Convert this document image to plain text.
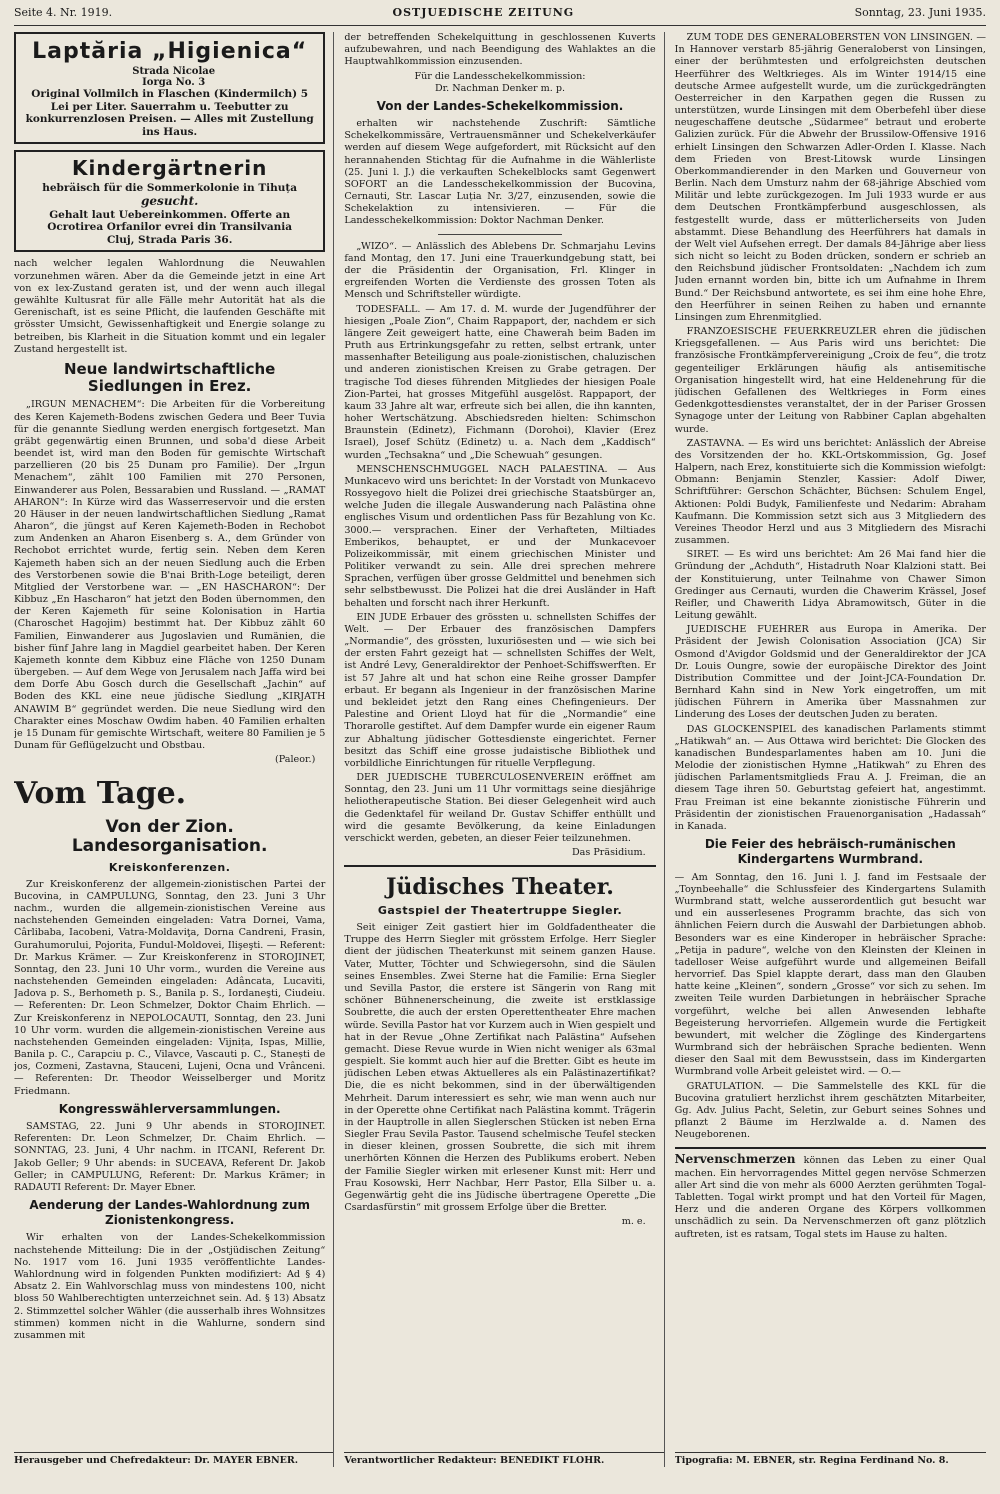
Seite 4. Nr. 1919.	OSTJUEDISCHE ZEITUNG	Sonntag, 23. Juni 1935.
Laptăria „Higienica“ Strada Nicolae
Iorga No. 3
Original Vollmilch in Flaschen (Kindermilch) 5 Lei per Liter. Sauerrahm u. Teebutter zu konkurrenzlosen Preisen. — Alles mit Zustellung ins Haus.
Kindergärtnerin
hebräisch für die Sommerkolonie in Tihuța
gesucht.
Gehalt laut Uebereinkommen. Offerte an Ocrotirea Orfanilor evrei din Transilvania
Cluj, Strada Paris 36.

nach welcher legalen Wahlordnung die Neuwahlen vorzunehmen wären. Aber da die Gemeinde jetzt in eine Art von ex lex-Zustand geraten ist, und der wenn auch illegal gewählte Kultusrat für alle Fälle mehr Autorität hat als die Gerenischaft, ist es seine Pflicht, die laufenden Geschäfte mit grösster Umsicht, Gewissenhaftigkeit und Energie solange zu betreiben, bis Klarheit in die Situation kommt und ein legaler Zustand hergestellt ist.

Neue landwirtschaftliche Siedlungen in Erez.

„IRGUN MENACHEM“: Die Arbeiten für die Vorbereitung des Keren Kajemeth-Bodens zwischen Gedera und Beer Tuvia für die genannte Siedlung werden energisch fortgesetzt. Man gräbt gegenwärtig einen Brunnen, und soba'd diese Arbeit beendet ist, wird man den Boden für gemischte Wirtschaft parzellieren (20 bis 25 Dunam pro Familie). Der „Irgun Menachem“, zählt 100 Familien mit 270 Personen, Einwanderer aus Polen, Bessarabien und Russland. — „RAMAT AHARON“: In Kürze wird das Wasserreservoir und die ersten 20 Häuser in der neuen landwirtschaftlichen Siedlung „Ramat Aharon“, die jüngst auf Keren Kajemeth-Boden in Rechobot zum Andenken an Aharon Eisenberg s. A., dem Gründer von Rechobot errichtet wurde, fertig sein. Neben dem Keren Kajemeth haben sich an der neuen Siedlung auch die Erben des Verstorbenen sowie die B'nai Brith-Loge beteiligt, deren Mitglied der Verstorbene war. — „EN HASCHARON“: Der Kibbuz „En Hascharon“ hat jetzt den Boden übernommen, den der Keren Kajemeth für seine Kolonisation in Hartia (Charoschet Hagojim) bestimmt hat. Der Kibbuz zählt 60 Familien, Einwanderer aus Jugoslavien und Rumänien, die bisher fünf Jahre lang in Magdiel gearbeitet haben. Der Keren Kajemeth konnte dem Kibbuz eine Fläche von 1250 Dunam übergeben. — Auf dem Wege von Jerusalem nach Jaffa wird bei dem Dorfe Abu Gosch durch die Gesellschaft „Jachin“ auf Boden des KKL eine neue jüdische Siedlung „KIRJATH ANAWIM B“ gegründet werden. Die neue Siedlung wird den Charakter eines Moschaw Owdim haben. 40 Familien erhalten je 15 Dunam für gemischte Wirtschaft, weitere 80 Familien je 5 Dunam für Geflügelzucht und Obstbau.

(Paleor.)
Vom Tage.
Von der Zion. Landesorganisation.
Kreiskonferenzen.

Zur Kreiskonferenz der allgemein-zionistischen Partei der Bucovina, in CAMPULUNG, Sonntag, den 23. Juni 3 Uhr nachm., wurden die allgemein-zionistischen Vereine aus nachstehenden Gemeinden eingeladen: Vatra Dornei, Vama, Cârlibaba, Iacobeni, Vatra-Moldaviţa, Dorna Candreni, Frasin, Gurahumorului, Pojorita, Fundul-Moldovei, Ilişeşti. — Referent: Dr. Markus Krämer. — Zur Kreiskonferenz in STOROJINET, Sonntag, den 23. Juni 10 Uhr vorm., wurden die Vereine aus nachstehenden Gemeinden eingeladen: Adâncata, Lucaviti, Jadova p. S., Berhometh p. S., Banila p. S., Iordaneşti, Ciudeiu. — Referenten: Dr. Leon Schmelzer, Doktor Chaim Ehrlich. — Zur Kreiskonferenz in NEPOLOCAUTI, Sonntag, den 23. Juni 10 Uhr vorm. wurden die allgemein-zionistischen Vereine aus nachstehenden Gemeinden eingeladen: Vijnița, Ispas, Millie, Banila p. C., Carapciu p. C., Vilavce, Vascauti p. C., Stanești de jos, Cozmeni, Zastavna, Stauceni, Lujeni, Ocna und Vrânceni. — Referenten: Dr. Theodor Weisselberger und Moritz Friedmann.

Kongresswählerversammlungen.

SAMSTAG, 22. Juni 9 Uhr abends in STOROJINET. Referenten: Dr. Leon Schmelzer, Dr. Chaim Ehrlich. — SONNTAG, 23. Juni, 4 Uhr nachm. in ITCANI, Referent Dr. Jakob Geller; 9 Uhr abends: in SUCEAVA, Referent Dr. Jakob Geller; in CAMPULUNG, Referent: Dr. Markus Krämer; in RADAUTI Referent: Dr. Mayer Ebner.

Aenderung der Landes-Wahlordnung zum Zionistenkongress.

Wir erhalten von der Landes-Schekelkommission nachstehende Mitteilung: Die in der „Ostjüdischen Zeitung“ No. 1917 vom 16. Juni 1935 veröffentlichte Landes-Wahlordnung wird in folgenden Punkten modifiziert: Ad § 4) Absatz 2. Ein Wahlvorschlag muss von mindestens 100, nicht bloss 50 Wahlberechtigten unterzeichnet sein. Ad. § 13) Absatz 2. Stimmzettel solcher Wähler (die ausserhalb ihres Wohnsitzes stimmen) kommen nicht in die Wahlurne, sondern sind zusammen mit

Herausgeber und Chefredakteur: Dr. MAYER EBNER.

der betreffenden Schekelquittung in geschlossenen Kuverts aufzubewahren, und nach Beendigung des Wahlaktes an die Hauptwahlkommission einzusenden.

Für die Landesschekelkommission:
Dr. Nachman Denker m. p.
Von der Landes-Schekelkommission.

erhalten wir nachstehende Zuschrift: Sämtliche Schekelkommissäre, Vertrauensmänner und Schekelverkäufer werden auf diesem Wege aufgefordert, mit Rücksicht auf den herannahenden Stichtag für die Aufnahme in die Wählerliste (25. Juni l. J.) die verkauften Schekelblocks samt Gegenwert SOFORT an die Landesschekelkommission der Bucovina, Cernauti, Str. Lascar Luția Nr. 3/27, einzusenden, sowie die Schekelaktion zu intensivieren. — Für die Landesschekelkommission: Doktor Nachman Denker.

„WIZO“. — Anlässlich des Ablebens Dr. Schmarjahu Levins fand Montag, den 17. Juni eine Trauerkundgebung statt, bei der die Präsidentin der Organisation, Frl. Klinger in ergreifenden Worten die Verdienste des grossen Toten als Mensch und Schriftsteller würdigte.

TODESFALL. — Am 17. d. M. wurde der Jugendführer der hiesigen „Poale Zion“, Chaim Rappaport, der, nachdem er sich längere Zeit geweigert hatte, eine Chawerah beim Baden im Pruth aus Ertrinkungsgefahr zu retten, selbst ertrank, unter massenhafter Beteiligung aus poale-zionistischen, chaluzischen und anderen zionistischen Kreisen zu Grabe getragen. Der tragische Tod dieses führenden Mitgliedes der hiesigen Poale Zion-Partei, hat grosses Mitgefühl ausgelöst. Rappaport, der kaum 33 Jahre alt war, erfreute sich bei allen, die ihn kannten, hoher Wertschätzung. Abschiedsreden hielten: Schimschon Braunstein (Edinetz), Fichmann (Dorohoi), Klavier (Erez Israel), Josef Schütz (Edinetz) u. a. Nach dem „Kaddisch“ wurden „Techsakna“ und „Die Schewuah“ gesungen.

MENSCHENSCHMUGGEL NACH PALAESTINA. — Aus Munkacevo wird uns berichtet: In der Vorstadt von Munkacevo Rossyegovo hielt die Polizei drei griechische Staatsbürger an, welche Juden die illegale Auswanderung nach Palästina ohne englisches Visum und ordentlichen Pass für Bezahlung von Kc. 3000.— versprachen. Einer der Verhafteten, Miltiades Emberikos, behauptet, er und der Munkacevoer Polizeikommissär, mit einem griechischen Minister und Politiker verwandt zu sein. Alle drei sprechen mehrere Sprachen, verfügen über grosse Geldmittel und benehmen sich sehr selbstbewusst. Die Polizei hat die drei Ausländer in Haft behalten und forscht nach ihrer Herkunft.

EIN JUDE Erbauer des grössten u. schnellsten Schiffes der Welt. — Der Erbauer des französischen Dampfers „Normandie“, des grössten, luxuriösesten und — wie sich bei der ersten Fahrt gezeigt hat — schnellsten Schiffes der Welt, ist André Levy, Generaldirektor der Penhoet-Schiffswerften. Er ist 57 Jahre alt und hat schon eine Reihe grosser Dampfer erbaut. Er begann als Ingenieur in der französischen Marine und bekleidet jetzt den Rang eines Chefingenieurs. Der Palestine and Orient Lloyd hat für die „Normandie“ eine Thorarolle gestiftet. Auf dem Dampfer wurde ein eigener Raum zur Abhaltung jüdischer Gottesdienste eingerichtet. Ferner besitzt das Schiff eine grosse judaistische Bibliothek und vorbildliche Einrichtungen für rituelle Verpflegung.

DER JUEDISCHE TUBERCULOSENVEREIN eröffnet am Sonntag, den 23. Juni um 11 Uhr vormittags seine diesjährige heliotherapeutische Station. Bei dieser Gelegenheit wird auch die Gedenktafel für weiland Dr. Gustav Schiffer enthüllt und wird die gesamte Bevölkerung, da keine Einladungen verschickt werden, gebeten, an dieser Feier teilzunehmen.

Das Präsidium.
Jüdisches Theater.
Gastspiel der Theatertruppe Siegler.

Seit einiger Zeit gastiert hier im Goldfadentheater die Truppe des Herrn Siegler mit grösstem Erfolge. Herr Siegler dient der jüdischen Theaterkunst mit seinem ganzen Hause. Vater, Mutter, Töchter und Schwiegersohn, sind die Säulen seines Ensembles. Zwei Sterne hat die Familie: Erna Siegler und Sevilla Pastor, die erstere ist Sängerin von Rang mit schöner Bühnenerscheinung, die zweite ist erstklassige Soubrette, die auch der ersten Operettentheater Ehre machen würde. Sevilla Pastor hat vor Kurzem auch in Wien gespielt und hat in der Revue „Ohne Zertifikat nach Palästina“ Aufsehen gemacht. Diese Revue wurde in Wien nicht weniger als 63mal gespielt. Sie kommt auch hier auf die Bretter. Gibt es heute im jüdischen Leben etwas Aktuelleres als ein Palästinazertifikat? Die, die es nicht bekommen, sind in der überwältigenden Mehrheit. Darum interessiert es sehr, wie man wenn auch nur in der Operette ohne Certifikat nach Palästina kommt. Trägerin in der Hauptrolle in allen Sieglerschen Stücken ist neben Erna Siegler Frau Sevila Pastor. Tausend schelmische Teufel stecken in dieser kleinen, grossen Soubrette, die sich mit ihrem unerhörten Können die Herzen des Publikums erobert. Neben der Familie Siegler wirken mit erlesener Kunst mit: Herr und Frau Kosowski, Herr Nachbar, Herr Pastor, Ella Silber u. a. Gegenwärtig geht die ins Jüdische übertragene Operette „Die Csardasfürstin“ mit grossem Erfolge über die Bretter.

m. e.
Verantwortlicher Redakteur: BENEDIKT FLOHR.

ZUM TODE DES GENERALOBERSTEN VON LINSINGEN. — In Hannover verstarb 85-jährig Generaloberst von Linsingen, einer der berühmtesten und erfolgreichsten deutschen Heerführer des Weltkrieges. Als im Winter 1914/15 eine deutsche Armee aufgestellt wurde, um die zurückgedrängten Oesterreicher in den Karpathen gegen die Russen zu unterstützen, wurde Linsingen mit dem Oberbefehl über diese neugeschaffene deutsche „Südarmee“ betraut und eroberte Galizien zurück. Für die Abwehr der Brussilow-Offensive 1916 erhielt Linsingen den Schwarzen Adler-Orden I. Klasse. Nach dem Frieden von Brest-Litowsk wurde Linsingen Oberkommandierender in den Marken und Gouverneur von Berlin. Nach dem Umsturz nahm der 68-jährige Abschied vom Militär und lebte zurückgezogen. Im Juli 1933 wurde er aus dem Deutschen Frontkämpferbund ausgeschlossen, als festgestellt wurde, dass er mütterlicherseits von Juden abstammt. Diese Behandlung des Heerführers hat damals in der Welt viel Aufsehen erregt. Der damals 84-Jährige aber liess sich nicht so leicht zu Boden drücken, sondern er schrieb an den Reichsbund jüdischer Frontsoldaten: „Nachdem ich zum Juden ernannt worden bin, bitte ich um Aufnahme in Ihrem Bund.“ Der Reichsbund antwortete, es sei ihm eine hohe Ehre, den Heerführer in seinen Reihen zu haben und ernannte Linsingen zum Ehrenmitglied.

FRANZOESISCHE FEUERKREUZLER ehren die jüdischen Kriegsgefallenen. — Aus Paris wird uns berichtet: Die französische Frontkämpfervereinigung „Croix de feu“, die trotz gegenteiliger Erklärungen häufig als antisemitische Organisation hingestellt wird, hat eine Heldenehrung für die jüdischen Gefallenen des Weltkrieges in Form eines Gedenkgottesdienstes veranstaltet, der in der Pariser Grossen Synagoge unter der Leitung von Rabbiner Caplan abgehalten wurde.

ZASTAVNA. — Es wird uns berichtet: Anlässlich der Abreise des Vorsitzenden der ho. KKL-Ortskommission, Gg. Josef Halpern, nach Erez, konstituierte sich die Kommission wiefolgt: Obmann: Benjamin Stenzler, Kassier: Adolf Diwer, Schriftführer: Gerschon Schächter, Büchsen: Schulem Engel, Aktionen: Poldi Budyk, Familienfeste und Nedarim: Abraham Kaufmann. Die Kommission setzt sich aus 3 Mitgliedern des Vereines Theodor Herzl und aus 3 Mitgliedern des Misrachi zusammen.

SIRET. — Es wird uns berichtet: Am 26 Mai fand hier die Gründung der „Achduth“, Histadruth Noar Klalzioni statt. Bei der Konstituierung, unter Teilnahme von Chawer Simon Gredinger aus Cernauti, wurden die Chawerim Krässel, Josef Reifler, und Chawerith Lidya Abramowitsch, Güter in die Leitung gewählt.

JUEDISCHE FUEHRER aus Europa in Amerika. Der Präsident der Jewish Colonisation Association (JCA) Sir Osmond d'Avigdor Goldsmid und der Generaldirektor der JCA Dr. Louis Oungre, sowie der europäische Direktor des Joint Distribution Committee und der Joint-JCA-Foundation Dr. Bernhard Kahn sind in New York eingetroffen, um mit jüdischen Führern in Amerika über Massnahmen zur Linderung des Loses der deutschen Juden zu beraten.

DAS GLOCKENSPIEL des kanadischen Parlaments stimmt „Hatikwah“ an. — Aus Ottawa wird berichtet: Die Glocken des kanadischen Bundesparlamentes haben am 10. Juni die Melodie der zionistischen Hymne „Hatikwah“ zu Ehren des jüdischen Parlamentsmitglieds Frau A. J. Freiman, die an diesem Tage ihren 50. Geburtstag gefeiert hat, angestimmt. Frau Freiman ist eine bekannte zionistische Führerin und Präsidentin der zionistischen Frauenorganisation „Hadassah“ in Kanada.

Die Feier des hebräisch-rumänischen Kindergartens Wurmbrand.

— Am Sonntag, den 16. Juni l. J. fand im Festsaale der „Toynbeehalle“ die Schlussfeier des Kindergartens Sulamith Wurmbrand statt, welche ausserordentlich gut besucht war und ein ausserlesenes Programm brachte, das sich von ähnlichen Feiern durch die Auswahl der Darbietungen abhob. Besonders war es eine Kinderoper in hebräischer Sprache: „Petija in padure“, welche von den Kleinsten der Kleinen in tadelloser Weise aufgeführt wurde und allgemeinen Beifall hervorrief. Das Spiel klappte derart, dass man den Glauben hatte keine „Kleinen“, sondern „Grosse“ vor sich zu sehen. Im zweiten Teile wurden Darbietungen in hebräischer Sprache vorgeführt, welche bei allen Anwesenden lebhafte Begeisterung hervorriefen. Allgemein wurde die Fertigkeit bewundert, mit welcher die Zöglinge des Kindergartens Wurmbrand sich der hebräischen Sprache bedienten. Wenn dieser den Saal mit dem Bewusstsein, dass im Kindergarten Wurmbrand volle Arbeit geleistet wird. — O.—

GRATULATION. — Die Sammelstelle des KKL für die Bucovina gratuliert herzlichst ihrem geschätzten Mitarbeiter, Gg. Adv. Julius Pacht, Seletin, zur Geburt seines Sohnes und pflanzt 2 Bäume im Herzlwalde a. d. Namen des Neugeborenen.

Nervenschmerzen können das Leben zu einer Qual machen. Ein hervorragendes Mittel gegen nervöse Schmerzen aller Art sind die von mehr als 6000 Aerzten gerühmten Togal-Tabletten. Togal wirkt prompt und hat den Vorteil für Magen, Herz und die anderen Organe des Körpers vollkommen unschädlich zu sein. Da Nervenschmerzen oft ganz plötzlich auftreten, ist es ratsam, Togal stets im Hause zu halten.

Tipografia: M. EBNER, str. Regina Ferdinand No. 8.
